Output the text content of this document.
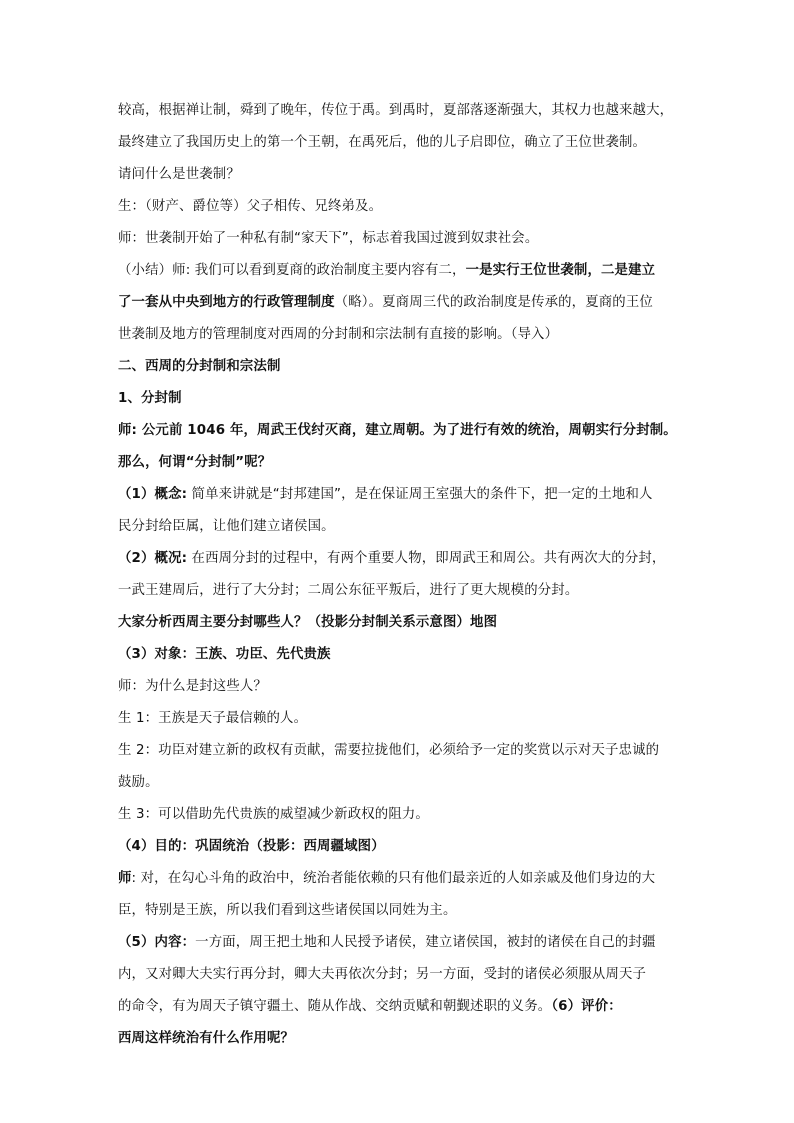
较高，根据禅让制，舜到了晚年，传位于禹。到禹时，夏部落逐渐强大，其权力也越来越大，
最终建立了我国历史上的第一个王朝，在禹死后，他的儿子启即位，确立了王位世袭制。
请问什么是世袭制？
生：（财产、爵位等）父子相传、兄终弟及。
师：世袭制开始了一种私有制“家天下”，标志着我国过渡到奴隶社会。
（小结）师: 我们可以看到夏商的政治制度主要内容有二，一是实行王位世袭制，二是建立
了一套从中央到地方的行政管理制度（略）。夏商周三代的政治制度是传承的，夏商的王位
世袭制及地方的管理制度对西周的分封制和宗法制有直接的影响。（导入）
二、西周的分封制和宗法制
1、分封制
师: 公元前 1046 年，周武王伐纣灭商，建立周朝。为了进行有效的统治，周朝实行分封制。
那么，何谓“分封制”呢？
（1）概念: 简单来讲就是“封邦建国”，是在保证周王室强大的条件下，把一定的土地和人
民分封给臣属，让他们建立诸侯国。
（2）概况: 在西周分封的过程中，有两个重要人物，即周武王和周公。共有两次大的分封，
一武王建周后，进行了大分封；二周公东征平叛后，进行了更大规模的分封。
大家分析西周主要分封哪些人？（投影分封制关系示意图）地图
（3）对象：王族、功臣、先代贵族
师：为什么是封这些人？
生 1：王族是天子最信赖的人。
生 2：功臣对建立新的政权有贡献，需要拉拢他们，必须给予一定的奖赏以示对天子忠诚的
鼓励。
生 3：可以借助先代贵族的威望减少新政权的阻力。
（4）目的：巩固统治（投影：西周疆域图）
师: 对，在勾心斗角的政治中，统治者能依赖的只有他们最亲近的人如亲戚及他们身边的大
臣，特别是王族，所以我们看到这些诸侯国以同姓为主。
（5）内容：一方面，周王把土地和人民授予诸侯，建立诸侯国，被封的诸侯在自己的封疆
内，又对卿大夫实行再分封，卿大夫再依次分封；另一方面，受封的诸侯必须服从周天子
的命令，有为周天子镇守疆土、随从作战、交纳贡赋和朝觐述职的义务。（6）评价：
西周这样统治有什么作用呢？
